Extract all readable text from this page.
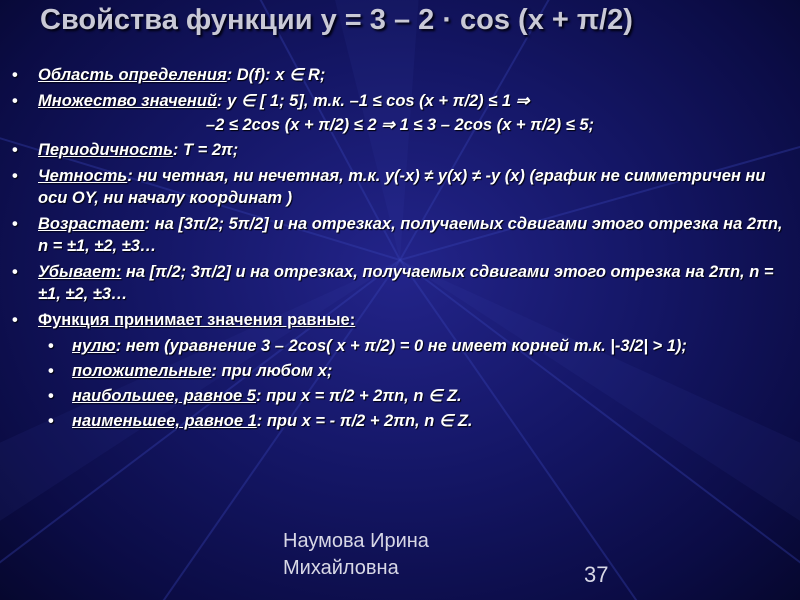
Свойства функции y = 3 – 2 · cos (x + π/2)
• Область определения: D(f): x ∈ R;
• Множество значений: y ∈ [ 1; 5], т.к. –1 ≤ cos (x + π/2) ≤ 1 ⇒
–2 ≤ 2cos (x + π/2) ≤ 2 ⇒ 1 ≤ 3 – 2cos (x + π/2) ≤ 5;
• Периодичность: T = 2π;
• Четность: ни четная, ни нечетная, т.к. y(-x) ≠ y(x) ≠ -y (x) (график не симметричен ни оси OY, ни началу координат )
• Возрастает: на [3π/2; 5π/2] и на отрезках, получаемых сдвигами этого отрезка на 2πn, n = ±1, ±2, ±3…
• Убывает: на [π/2; 3π/2] и на отрезках, получаемых сдвигами этого отрезка на 2πn, n = ±1, ±2, ±3…
• Функция принимает значения равные:
• нулю: нет (уравнение 3 – 2cos( x + π/2) = 0 не имеет корней т.к. |-3/2| > 1);
• положительные: при любом x;
• наибольшее, равное 5: при x = π/2 + 2πn, n ∈ Z.
• наименьшее, равное 1: при x = - π/2 + 2πn, n ∈ Z.
Наумова Ирина
Михайловна	37
